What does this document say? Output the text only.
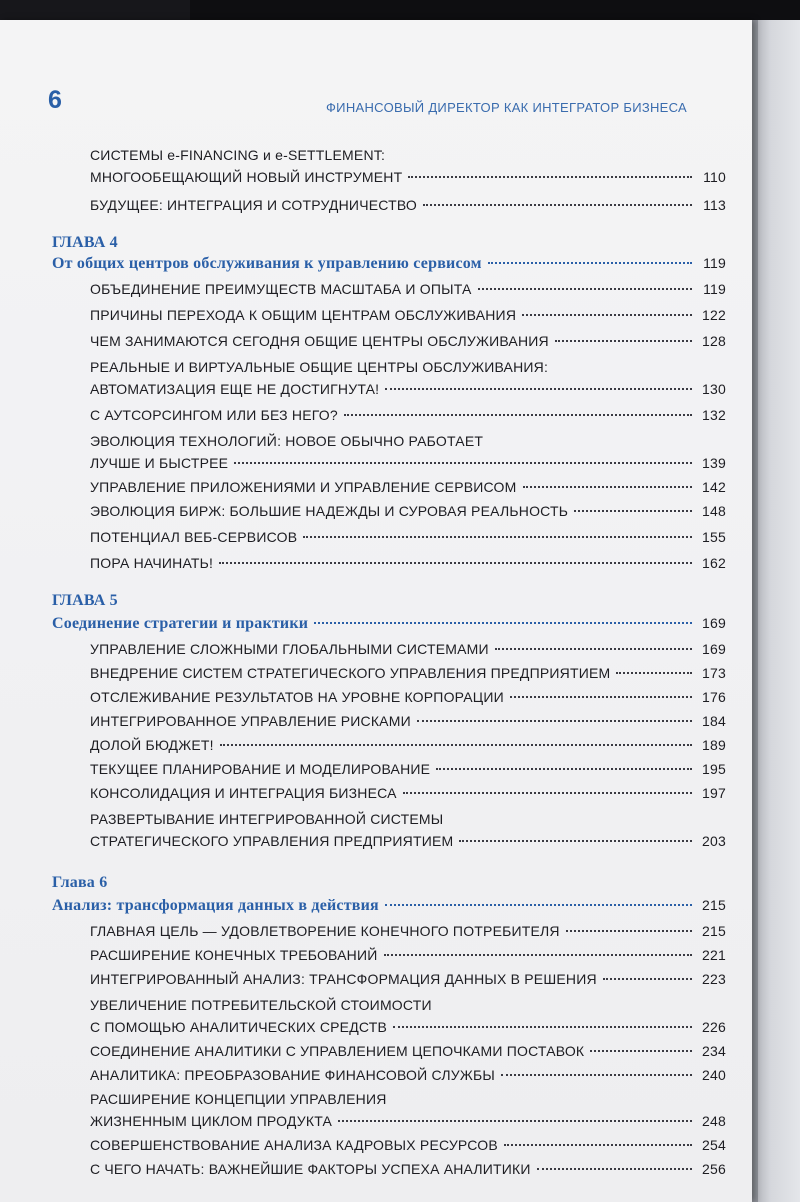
6	ФИНАНСОВЫЙ ДИРЕКТОР КАК ИНТЕГРАТОР БИЗНЕСА
СИСТЕМЫ e-FINANCING и e-SETTLEMENT:
МНОГООБЕЩАЮЩИЙ НОВЫЙ ИНСТРУМЕНТ	110
БУДУЩЕЕ: ИНТЕГРАЦИЯ И СОТРУДНИЧЕСТВО	113
ГЛАВА 4
От общих центров обслуживания к управлению сервисом	119
ОБЪЕДИНЕНИЕ ПРЕИМУЩЕСТВ МАСШТАБА И ОПЫТА	119
ПРИЧИНЫ ПЕРЕХОДА К ОБЩИМ ЦЕНТРАМ ОБСЛУЖИВАНИЯ	122
ЧЕМ ЗАНИМАЮТСЯ СЕГОДНЯ ОБЩИЕ ЦЕНТРЫ ОБСЛУЖИВАНИЯ	128
РЕАЛЬНЫЕ И ВИРТУАЛЬНЫЕ ОБЩИЕ ЦЕНТРЫ ОБСЛУЖИВАНИЯ:
АВТОМАТИЗАЦИЯ ЕЩЕ НЕ ДОСТИГНУТА!	130
С АУТСОРСИНГОМ ИЛИ БЕЗ НЕГО?	132
ЭВОЛЮЦИЯ ТЕХНОЛОГИЙ: НОВОЕ ОБЫЧНО РАБОТАЕТ
ЛУЧШЕ И БЫСТРЕЕ	139
УПРАВЛЕНИЕ ПРИЛОЖЕНИЯМИ И УПРАВЛЕНИЕ СЕРВИСОМ	142
ЭВОЛЮЦИЯ БИРЖ: БОЛЬШИЕ НАДЕЖДЫ И СУРОВАЯ РЕАЛЬНОСТЬ	148
ПОТЕНЦИАЛ ВЕБ-СЕРВИСОВ	155
ПОРА НАЧИНАТЬ!	162
ГЛАВА 5
Соединение стратегии и практики	169
УПРАВЛЕНИЕ СЛОЖНЫМИ ГЛОБАЛЬНЫМИ СИСТЕМАМИ	169
ВНЕДРЕНИЕ СИСТЕМ СТРАТЕГИЧЕСКОГО УПРАВЛЕНИЯ ПРЕДПРИЯТИЕМ	173
ОТСЛЕЖИВАНИЕ РЕЗУЛЬТАТОВ НА УРОВНЕ КОРПОРАЦИИ	176
ИНТЕГРИРОВАННОЕ УПРАВЛЕНИЕ РИСКАМИ	184
ДОЛОЙ БЮДЖЕТ!	189
ТЕКУЩЕЕ ПЛАНИРОВАНИЕ И МОДЕЛИРОВАНИЕ	195
КОНСОЛИДАЦИЯ И ИНТЕГРАЦИЯ БИЗНЕСА	197
РАЗВЕРТЫВАНИЕ ИНТЕГРИРОВАННОЙ СИСТЕМЫ
СТРАТЕГИЧЕСКОГО УПРАВЛЕНИЯ ПРЕДПРИЯТИЕМ	203
Глава 6
Анализ: трансформация данных в действия	215
ГЛАВНАЯ ЦЕЛЬ — УДОВЛЕТВОРЕНИЕ КОНЕЧНОГО ПОТРЕБИТЕЛЯ	215
РАСШИРЕНИЕ КОНЕЧНЫХ ТРЕБОВАНИЙ	221
ИНТЕГРИРОВАННЫЙ АНАЛИЗ: ТРАНСФОРМАЦИЯ ДАННЫХ В РЕШЕНИЯ	223
УВЕЛИЧЕНИЕ ПОТРЕБИТЕЛЬСКОЙ СТОИМОСТИ
С ПОМОЩЬЮ АНАЛИТИЧЕСКИХ СРЕДСТВ	226
СОЕДИНЕНИЕ АНАЛИТИКИ С УПРАВЛЕНИЕМ ЦЕПОЧКАМИ ПОСТАВОК	234
АНАЛИТИКА: ПРЕОБРАЗОВАНИЕ ФИНАНСОВОЙ СЛУЖБЫ	240
РАСШИРЕНИЕ КОНЦЕПЦИИ УПРАВЛЕНИЯ
ЖИЗНЕННЫМ ЦИКЛОМ ПРОДУКТА	248
СОВЕРШЕНСТВОВАНИЕ АНАЛИЗА КАДРОВЫХ РЕСУРСОВ	254
С ЧЕГО НАЧАТЬ: ВАЖНЕЙШИЕ ФАКТОРЫ УСПЕХА АНАЛИТИКИ	256
